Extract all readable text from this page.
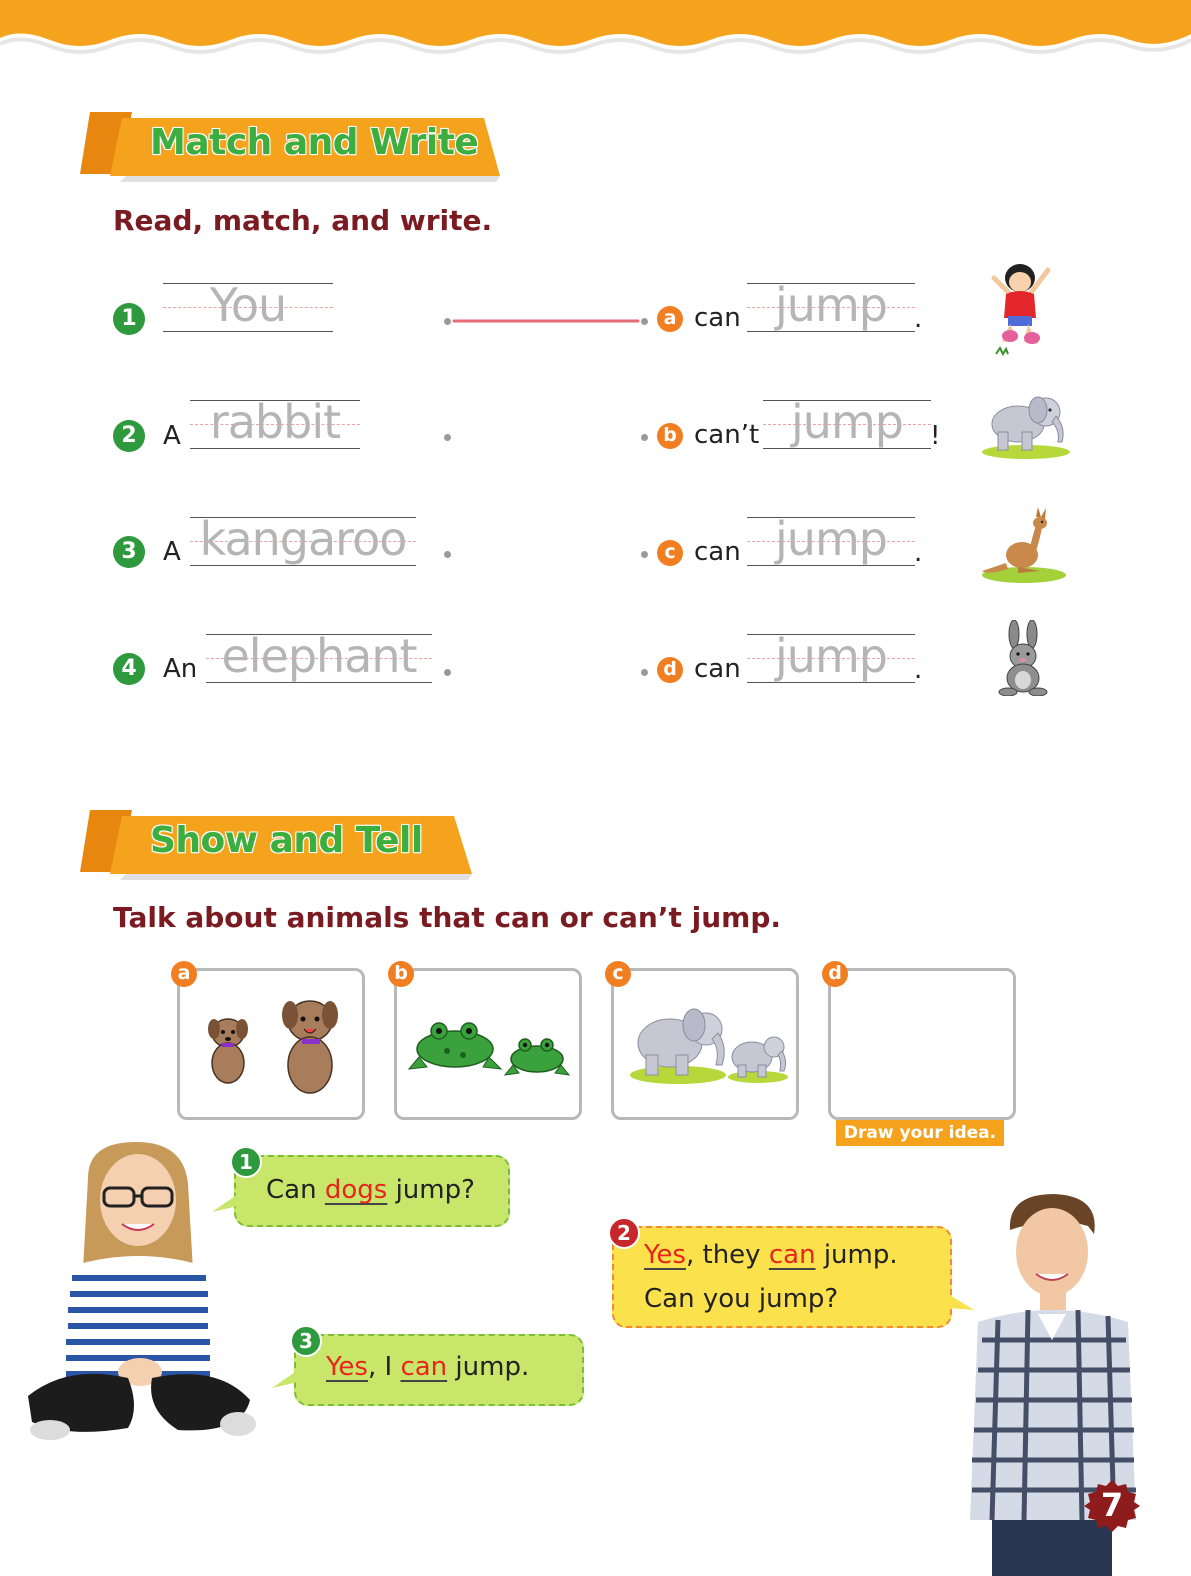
Match and Write
Read, match, and write.
1	You	a can jump	.
2	A rabbit	b can’t jump	!
3	A kangaroo	c can jump	.
4	An elephant	d can jump	.
Show and Tell
Talk about animals that can or can’t jump.
a	b	c	d
Draw your idea.
Can dogs jump?
1
Yes, they can jump.
Can you jump?
2
Yes, I can jump.
3
7
